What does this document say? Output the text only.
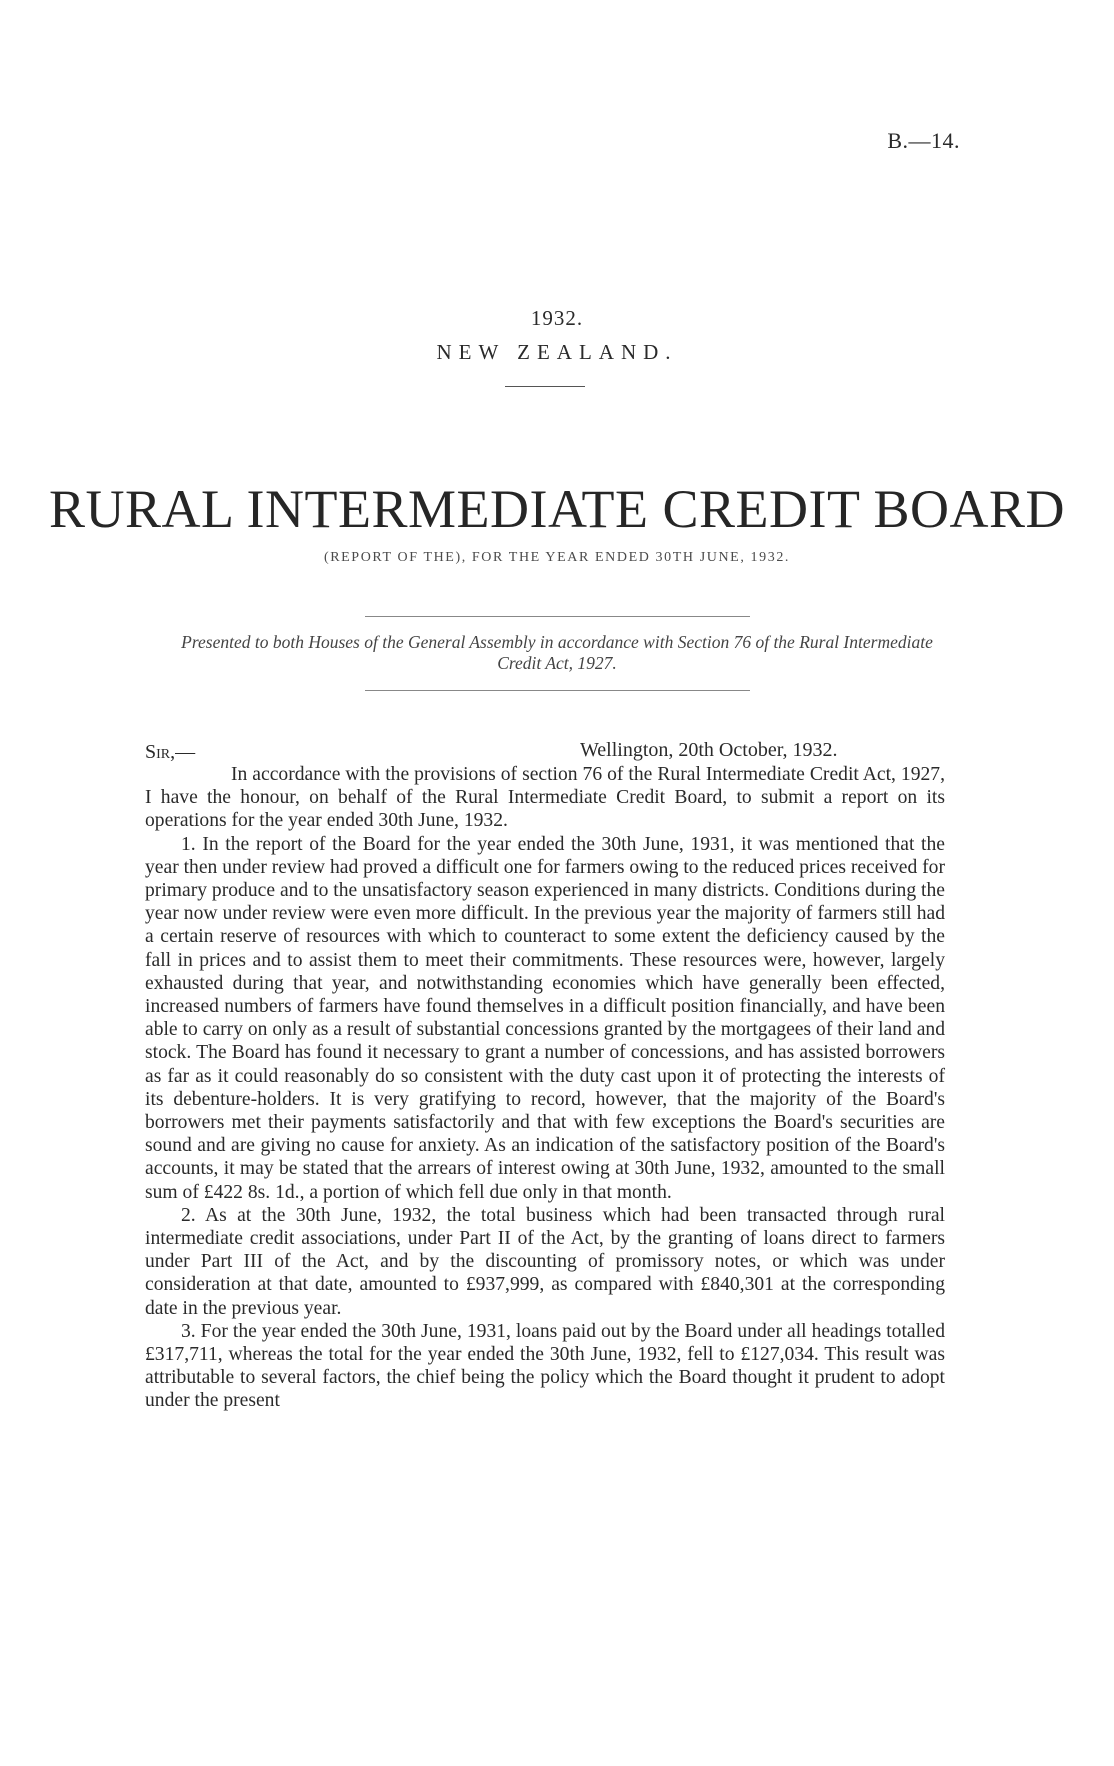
B.—14.
1932.
NEW ZEALAND.
RURAL INTERMEDIATE CREDIT BOARD
(REPORT OF THE), FOR THE YEAR ENDED 30TH JUNE, 1932.
Presented to both Houses of the General Assembly in accordance with Section 76 of the Rural Intermediate Credit Act, 1927.
Sir,—	Wellington, 20th October, 1932.

In accordance with the provisions of section 76 of the Rural Intermediate Credit Act, 1927, I have the honour, on behalf of the Rural Intermediate Credit Board, to submit a report on its operations for the year ended 30th June, 1932.

1. In the report of the Board for the year ended the 30th June, 1931, it was mentioned that the year then under review had proved a difficult one for farmers owing to the reduced prices received for primary produce and to the unsatisfactory season experienced in many districts. Conditions during the year now under review were even more difficult. In the previous year the majority of farmers still had a certain reserve of resources with which to counteract to some extent the deficiency caused by the fall in prices and to assist them to meet their commitments. These resources were, however, largely exhausted during that year, and notwithstanding economies which have generally been effected, increased numbers of farmers have found themselves in a difficult position financially, and have been able to carry on only as a result of substantial concessions granted by the mortgagees of their land and stock. The Board has found it necessary to grant a number of concessions, and has assisted borrowers as far as it could reasonably do so consistent with the duty cast upon it of protecting the interests of its debenture-holders. It is very gratifying to record, however, that the majority of the Board's borrowers met their payments satisfactorily and that with few exceptions the Board's securities are sound and are giving no cause for anxiety. As an indication of the satisfactory position of the Board's accounts, it may be stated that the arrears of interest owing at 30th June, 1932, amounted to the small sum of £422 8s. 1d., a portion of which fell due only in that month.

2. As at the 30th June, 1932, the total business which had been transacted through rural intermediate credit associations, under Part II of the Act, by the granting of loans direct to farmers under Part III of the Act, and by the discounting of promissory notes, or which was under consideration at that date, amounted to £937,999, as compared with £840,301 at the corresponding date in the previous year.

3. For the year ended the 30th June, 1931, loans paid out by the Board under all headings totalled £317,711, whereas the total for the year ended the 30th June, 1932, fell to £127,034. This result was attributable to several factors, the chief being the policy which the Board thought it prudent to adopt under the present
